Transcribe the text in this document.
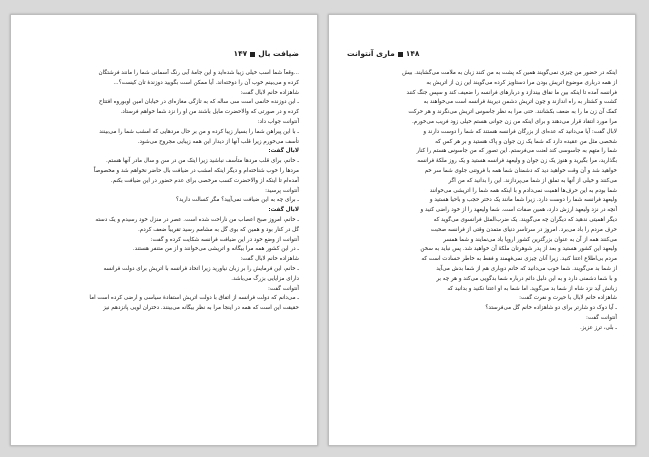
ضیافت بال۱۴۷
...وقعاً شما اسب خیلی زیبا شده‌اید و این جامهٔ آبی رنگ آسمانی شما را مانند فرشتگان
کرده و می‌بینم خوب آن را دوخته‌اند. آیا ممکن است بگویید دوزندهٔ تان کیست؟...
شاهزاده خانم لابال گفت:
ـ این دوزنده خانمی است سی ساله که به تازگی مغازه‌ای در خیابان امین اوبوروه افتتاح
کرده و در صورتی که والاحضرت مایل باشند من او را نزد شما خواهم فرستاد.
آنتوانت جواب داد:
ـ با این پیراهن شما را بسیار زیبا کرده و من بر حال مردهایی که امشب شما را می‌بینند
تأسف می‌خورم زیرا قلب آنها از دیدار این همه زیبایی مجروح می‌شود.
لابال گفت:
ـ خانم، برای قلب مردها متأسف نباشید زیرا اینک من در سن و سال مادر آنها هستم.
مردها را خوب شناخته‌ام و دیگر اینکه امشب در ضیافت بال حاضر نخواهم شد و مخصوصاً
آمده‌ام تا اینکه از والاحضرت کسب مرخصی برای عدم حضور در این ضیافت بکنم.
آنتوانت پرسید:
ـ برای چه به این ضیافت نمی‌آیید؟ مگر کسالت دارید؟
لابال گفت:
ـ خانم، امروز صبح اعصاب من ناراحت شده است. عصر در منزل خود رسیدم و یک دسته
گل در کنار بود و همین که بوی گل به مشامم رسید تقریباً ضعف کردم.
آنتوانت از وضع خود در این ضیافت فرانسه شکایت کرده و گفت:
ـ در این کشور همه مرا بیگانه و اتریشی می‌خوانند و از من متنفر هستند.
شاهزاده خانم لابال گفت:
ـ خانم، این فرمایش را بر زبان نیاورید زیرا اتحاد فرانسه با اتریش برای دولت فرانسه
دارای مزایایی بزرگ می‌باشد.
آنتوانت گفت:
ـ می‌دانم که دولت فرانسه از اتفاق با دولت اتریش استفادهٔ سیاسی و ارضی کرده است اما
حقیقت این است که همه در اینجا مرا به نظر بیگانه می‌بینند. دختران لویی پانزدهم نیز
۱۴۸ماری آنتوانت
اینکه در حضور من چیزی نمی‌گویند همین که پشت به من کنند زبان به ملامت می‌گشایند. بیش
از همه درباری موضوع اتریش بودن مرا دستاویز کرده می‌گویند این زن از اتریش به
فرانسه آمده تا اینکه بین ما نفاق بیندازد و دربارهای فرانسه را ضعیف کند و سپس جنگ کنند
کشت و کشتار به راه اندازند و چون اتریش دشمن دیرینهٔ فرانسه است می‌خواهند به
کمک آن زن ما را به ضعف بکشانند. حتی مرا به نظر جاسوس اتریش می‌نگرند و هر حرکت
مرا مورد انتقاد قرار می‌دهند و برای اینکه من زن جوانی هستم خیلی زود فریب می‌خورم.
لابال گفت: آیا می‌دانید که عده‌ای از بزرگان فرانسه هستند که شما را دوست دارند و
شخصی مثل من عقیده دارد که شما یک زن جوان و پاک هستید و بر هر کس که
شما را متهم به جاسوسی کند لعنت می‌فرستم. این تصور که من جاسوس هستم را کنار
بگذارید، مرا بگیرید و هنوز یک زن جوان و ولیعهد فرانسه هستید و یک روز ملکهٔ فرانسه
خواهید شد و آن وقت خواهید دید که دشمنان شما همه با فروتنی جلوی شما سر خم
می‌کنند و خیلی از آنها به تملق از شما می‌پردازند. این را بدانید که من اگر
شما بودم به این حرف‌ها اهمیت نمی‌دادم و با اینکه همه شما را اتریشی می‌خوانند
ولیعهد فرانسه شما را دوست دارد. زیرا شما مانند یک دختر حجب و باحیا هستید و
آنچه در نزد ولیعهد ارزش دارد، همین صفات است. شما ولیعهد را از خود راضی کنید و
دیگر اهمیتی ندهید که دیگران چه می‌گویند. یک ضرب‌المثل فرانسوی می‌گوید که
حرف مردم را باد می‌برد. امروز در سرتاسر دنیای متمدن وقتی از فرانسه صحبت
می‌کنند همه از آن به عنوان بزرگترین کشور اروپا یاد می‌نمایند و شما همسر
ولیعهد این کشور هستید و بعد از پدر شوهرتان ملکهٔ آن خواهید شد. پس نباید به سخن
مردم بی‌اطلاع اعتنا کنید. زیرا آنان چیزی نمی‌فهمند و فقط به خاطر حسادت است که
از شما بد می‌گویند. شما خوب می‌دانید که خانم دوباری هم از شما بدش می‌آید
و با شما دشمنی دارد و به این دلیل دائم درباره شما بدگویی می‌کند و هر چه بر
زبانش آید نزد شاه از شما بد می‌گوید. اما شما به او اعتنا نکنید و بدانید که
شاهزاده خانم لابال با حیرت و نفرت گفت:
ـ آیا دوک دو شارتر برای دو شاهزاده خانم گل می‌فرستد؟
آنتوانت گفت:
ـ بلی، ترز عزیز.
